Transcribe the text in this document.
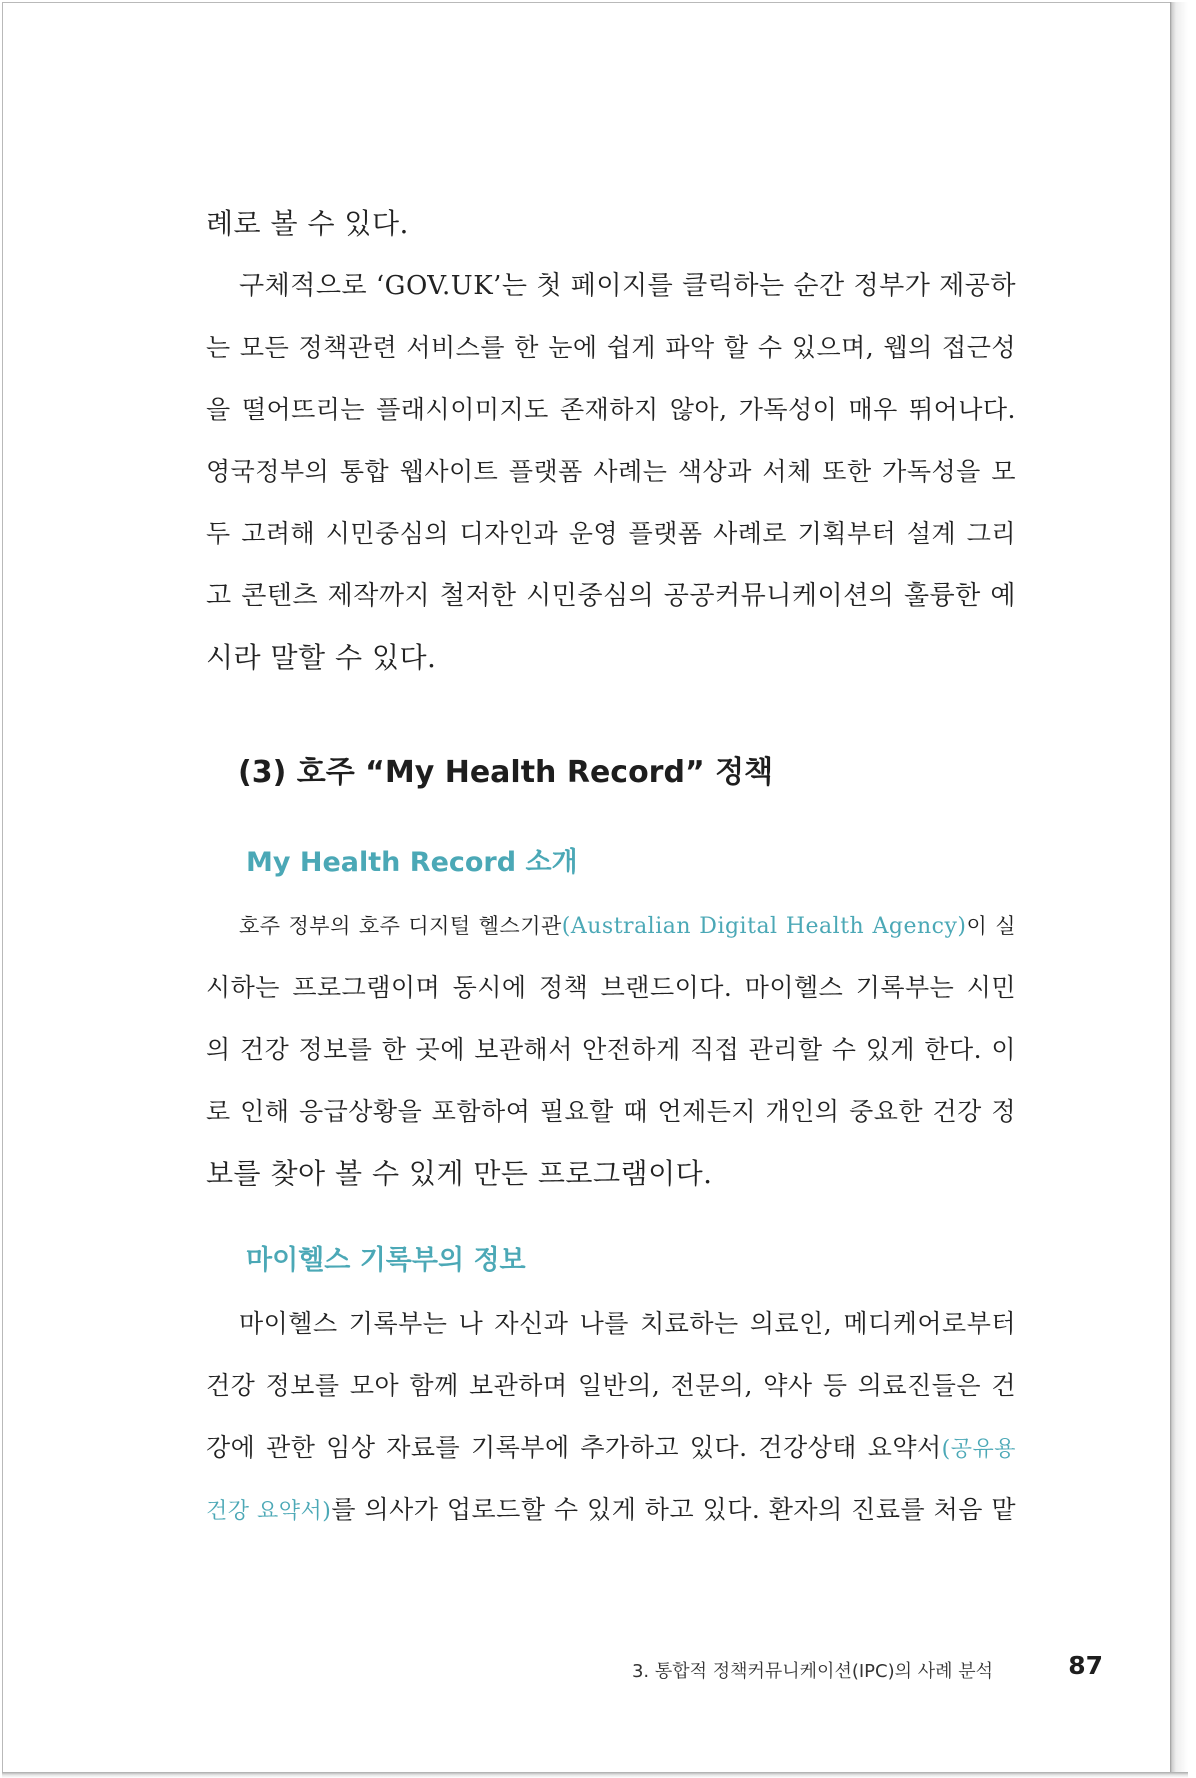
례로 볼 수 있다.

구체적으로 ‘GOV.UK’는 첫 페이지를 클릭하는 순간 정부가 제공하

는 모든 정책관련 서비스를 한 눈에 쉽게 파악 할 수 있으며, 웹의 접근성

을 떨어뜨리는 플래시이미지도 존재하지 않아, 가독성이 매우 뛰어나다.

영국정부의 통합 웹사이트 플랫폼 사례는 색상과 서체 또한 가독성을 모

두 고려해 시민중심의 디자인과 운영 플랫폼 사례로 기획부터 설계 그리

고 콘텐츠 제작까지 철저한 시민중심의 공공커뮤니케이션의 훌륭한 예

시라 말할 수 있다.

(3) 호주 “My Health Record” 정책
My Health Record 소개

호주 정부의 호주 디지털 헬스기관(Australian Digital Health Agency)이 실

시하는 프로그램이며 동시에 정책 브랜드이다. 마이헬스 기록부는 시민

의 건강 정보를 한 곳에 보관해서 안전하게 직접 관리할 수 있게 한다. 이

로 인해 응급상황을 포함하여 필요할 때 언제든지 개인의 중요한 건강 정

보를 찾아 볼 수 있게 만든 프로그램이다.

마이헬스 기록부의 정보

마이헬스 기록부는 나 자신과 나를 치료하는 의료인, 메디케어로부터

건강 정보를 모아 함께 보관하며 일반의, 전문의, 약사 등 의료진들은 건

강에 관한 임상 자료를 기록부에 추가하고 있다. 건강상태 요약서(공유용

건강 요약서)를 의사가 업로드할 수 있게 하고 있다. 환자의 진료를 처음 맡

3. 통합적 정책커뮤니케이션(IPC)의 사례 분석	87
